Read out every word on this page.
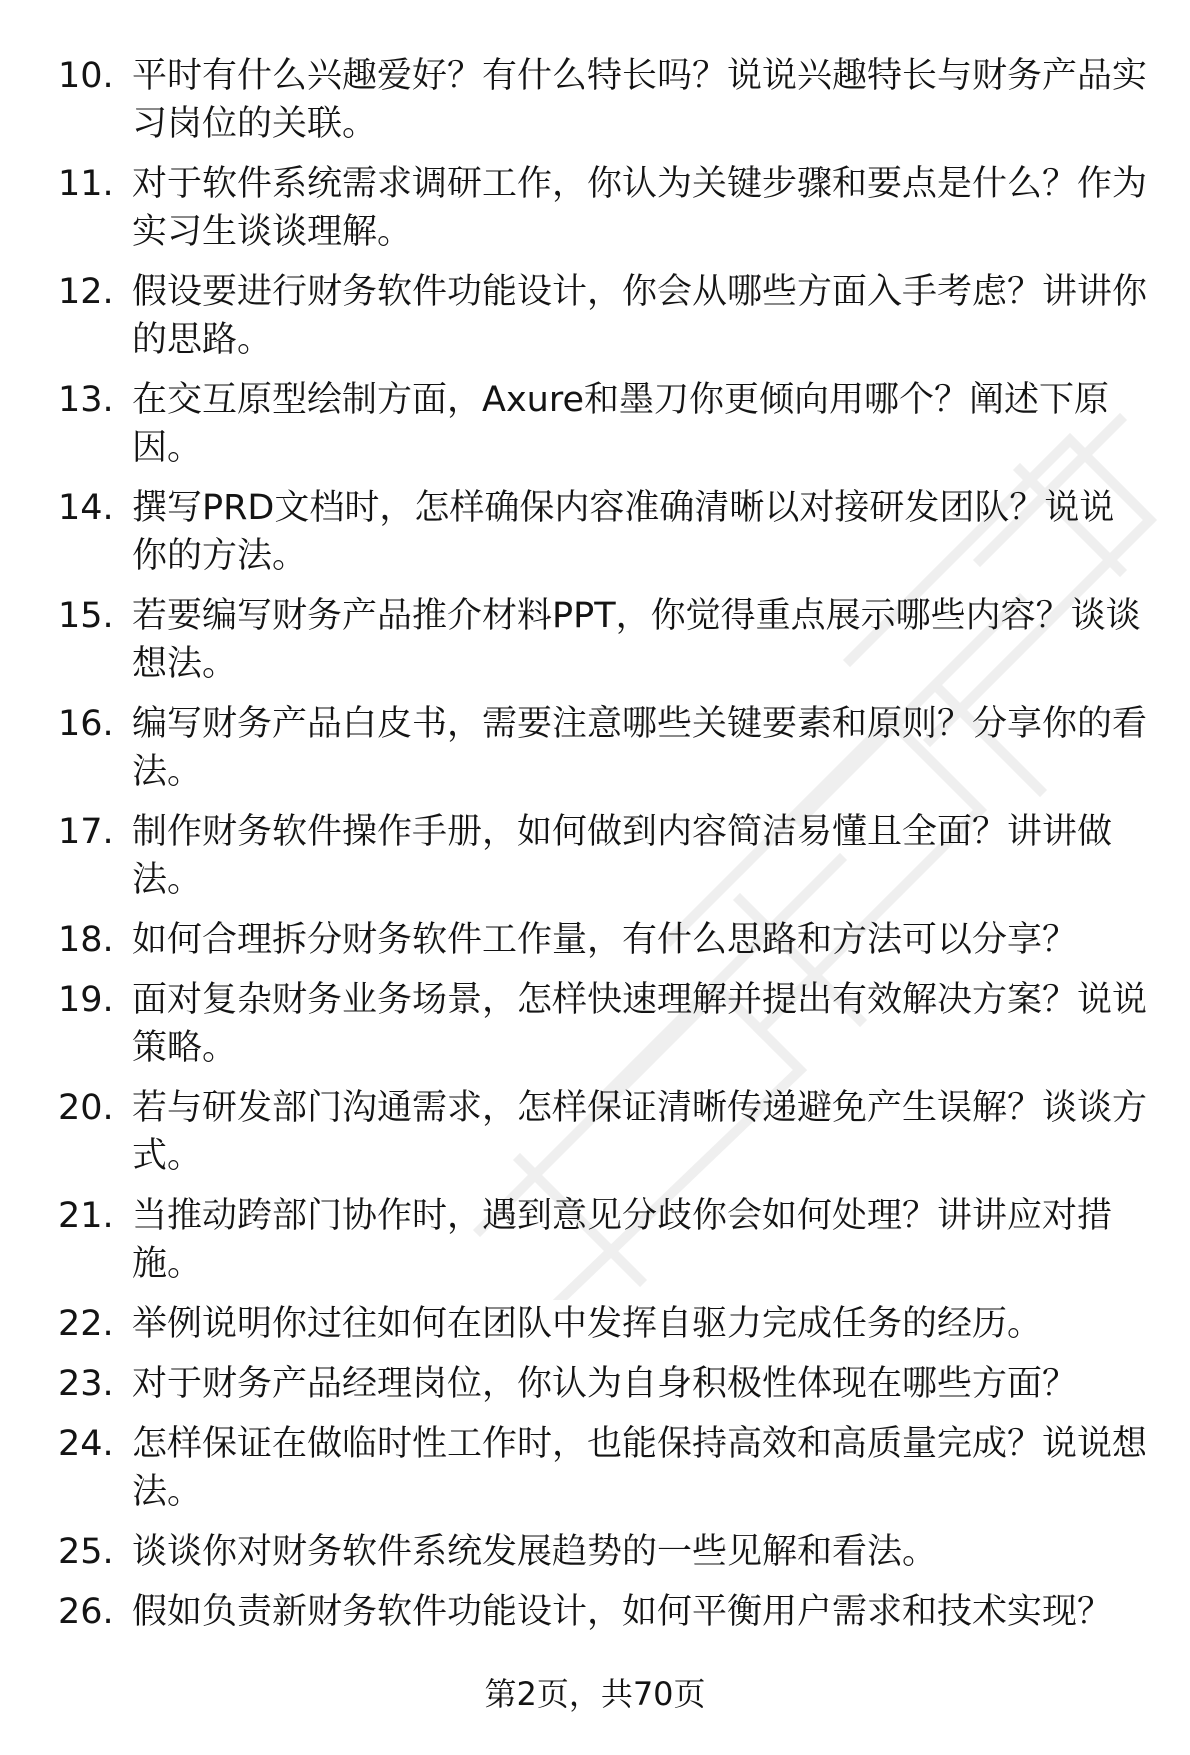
10. 平时有什么兴趣爱好？有什么特长吗？说说兴趣特长与财务产品实习岗位的关联。
11. 对于软件系统需求调研工作，你认为关键步骤和要点是什么？作为实习生谈谈理解。
12. 假设要进行财务软件功能设计，你会从哪些方面入手考虑？讲讲你的思路。
13. 在交互原型绘制方面，Axure和墨刀你更倾向用哪个？阐述下原因。
14. 撰写PRD文档时，怎样确保内容准确清晰以对接研发团队？说说你的方法。
15. 若要编写财务产品推介材料PPT，你觉得重点展示哪些内容？谈谈想法。
16. 编写财务产品白皮书，需要注意哪些关键要素和原则？分享你的看法。
17. 制作财务软件操作手册，如何做到内容简洁易懂且全面？讲讲做法。
18. 如何合理拆分财务软件工作量，有什么思路和方法可以分享？
19. 面对复杂财务业务场景，怎样快速理解并提出有效解决方案？说说策略。
20. 若与研发部门沟通需求，怎样保证清晰传递避免产生误解？谈谈方式。
21. 当推动跨部门协作时，遇到意见分歧你会如何处理？讲讲应对措施。
22. 举例说明你过往如何在团队中发挥自驱力完成任务的经历。
23. 对于财务产品经理岗位，你认为自身积极性体现在哪些方面？
24. 怎样保证在做临时性工作时，也能保持高效和高质量完成？说说想法。
25. 谈谈你对财务软件系统发展趋势的一些见解和看法。
26. 假如负责新财务软件功能设计，如何平衡用户需求和技术实现？
第2页，共70页
